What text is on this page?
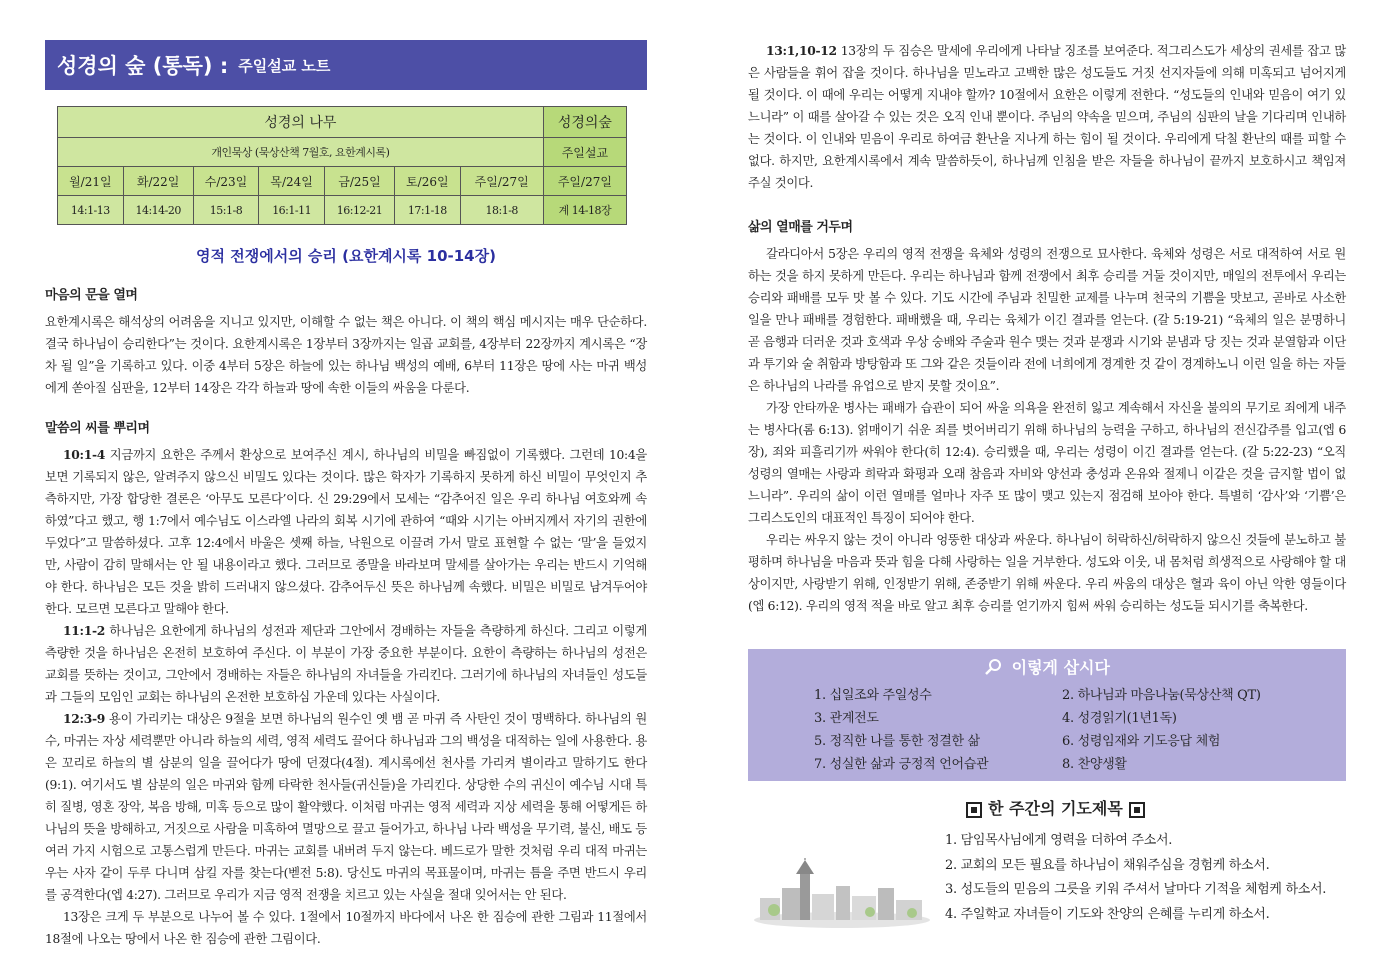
성경의 숲 (통독) : 주일설교 노트
성경의 나무							성경의숲
개인묵상 (묵상산책 7월호, 요한계시록)							주일설교
월/21일	화/22일	수/23일	목/24일	금/25일	토/26일	주일/27일	주일/27일
14:1-13	14:14-20	15:1-8	16:1-11	16:12-21	17:1-18	18:1-8	계 14-18장
영적 전쟁에서의 승리 (요한계시록 10-14장)
마음의 문을 열며

요한계시록은 해석상의 어려움을 지니고 있지만, 이해할 수 없는 책은 아니다. 이 책의 핵심 메시지는 매우 단순하다. 결국 하나님이 승리한다”는 것이다. 요한계시록은 1장부터 3장까지는 일곱 교회를, 4장부터 22장까지 계시록은 “장차 될 일”을 기록하고 있다. 이중 4부터 5장은 하늘에 있는 하나님 백성의 예배, 6부터 11장은 땅에 사는 마귀 백성에게 쏟아질 심판을, 12부터 14장은 각각 하늘과 땅에 속한 이들의 싸움을 다룬다.

말씀의 씨를 뿌리며

10:1-4 지금까지 요한은 주께서 환상으로 보여주신 계시, 하나님의 비밀을 빠짐없이 기록했다. 그런데 10:4을 보면 기록되지 않은, 알려주지 않으신 비밀도 있다는 것이다. 많은 학자가 기록하지 못하게 하신 비밀이 무엇인지 추측하지만, 가장 합당한 결론은 ‘아무도 모른다’이다. 신 29:29에서 모세는 “감추어진 일은 우리 하나님 여호와께 속하였”다고 했고, 행 1:7에서 예수님도 이스라엘 나라의 회복 시기에 관하여 “때와 시기는 아버지께서 자기의 권한에 두었다”고 말씀하셨다. 고후 12:4에서 바울은 셋째 하늘, 낙원으로 이끌려 가서 말로 표현할 수 없는 ‘말’을 들었지만, 사람이 감히 말해서는 안 될 내용이라고 했다. 그러므로 종말을 바라보며 말세를 살아가는 우리는 반드시 기억해야 한다. 하나님은 모든 것을 밝히 드러내지 않으셨다. 감추어두신 뜻은 하나님께 속했다. 비밀은 비밀로 남겨두어야 한다. 모르면 모른다고 말해야 한다.

11:1-2 하나님은 요한에게 하나님의 성전과 제단과 그안에서 경배하는 자들을 측량하게 하신다. 그리고 이렇게 측량한 것을 하나님은 온전히 보호하여 주신다. 이 부분이 가장 중요한 부분이다. 요한이 측량하는 하나님의 성전은 교회를 뜻하는 것이고, 그안에서 경배하는 자들은 하나님의 자녀들을 가리킨다. 그러기에 하나님의 자녀들인 성도들과 그들의 모임인 교회는 하나님의 온전한 보호하심 가운데 있다는 사실이다.

12:3-9 용이 가리키는 대상은 9절을 보면 하나님의 원수인 옛 뱀 곧 마귀 즉 사탄인 것이 명백하다. 하나님의 원수, 마귀는 자상 세력뿐만 아니라 하늘의 세력, 영적 세력도 끌어다 하나님과 그의 백성을 대적하는 일에 사용한다. 용은 꼬리로 하늘의 별 삼분의 일을 끌어다가 땅에 던졌다(4절). 계시록에선 천사를 가리켜 별이라고 말하기도 한다(9:1). 여기서도 별 삼분의 일은 마귀와 함께 타락한 천사들(귀신들)을 가리킨다. 상당한 수의 귀신이 예수님 시대 특히 질병, 영혼 장악, 복음 방해, 미혹 등으로 많이 활약했다. 이처럼 마귀는 영적 세력과 지상 세력을 통해 어떻게든 하나님의 뜻을 방해하고, 거짓으로 사람을 미혹하여 멸망으로 끌고 들어가고, 하나님 나라 백성을 무기력, 불신, 배도 등 여러 가지 시험으로 고통스럽게 만든다. 마귀는 교회를 내버려 두지 않는다. 베드로가 말한 것처럼 우리 대적 마귀는 우는 사자 같이 두루 다니며 삼킬 자를 찾는다(벧전 5:8). 당신도 마귀의 목표물이며, 마귀는 틈을 주면 반드시 우리를 공격한다(엡 4:27). 그러므로 우리가 지금 영적 전쟁을 치르고 있는 사실을 절대 잊어서는 안 된다.

13장은 크게 두 부분으로 나누어 볼 수 있다. 1절에서 10절까지 바다에서 나온 한 짐승에 관한 그림과 11절에서 18절에 나오는 땅에서 나온 한 짐승에 관한 그림이다.

13:1,10-12 13장의 두 짐승은 말세에 우리에게 나타날 징조를 보여준다. 적그리스도가 세상의 권세를 잡고 많은 사람들을 휘어 잡을 것이다. 하나님을 믿노라고 고백한 많은 성도들도 거짓 선지자들에 의해 미혹되고 넘어지게 될 것이다. 이 때에 우리는 어떻게 지내야 할까? 10절에서 요한은 이렇게 전한다. “성도들의 인내와 믿음이 여기 있느니라” 이 때를 살아갈 수 있는 것은 오직 인내 뿐이다. 주님의 약속을 믿으며, 주님의 심판의 날을 기다리며 인내하는 것이다. 이 인내와 믿음이 우리로 하여금 환난을 지나게 하는 힘이 될 것이다. 우리에게 닥칠 환난의 때를 피할 수 없다. 하지만, 요한계시록에서 계속 말씀하듯이, 하나님께 인침을 받은 자들을 하나님이 끝까지 보호하시고 책임져 주실 것이다.

삶의 열매를 거두며

갈라디아서 5장은 우리의 영적 전쟁을 육체와 성령의 전쟁으로 묘사한다. 육체와 성령은 서로 대적하여 서로 원하는 것을 하지 못하게 만든다. 우리는 하나님과 함께 전쟁에서 최후 승리를 거둘 것이지만, 매일의 전투에서 우리는 승리와 패배를 모두 맛 볼 수 있다. 기도 시간에 주님과 친밀한 교제를 나누며 천국의 기쁨을 맛보고, 곧바로 사소한 일을 만나 패배를 경험한다. 패배했을 때, 우리는 육체가 이긴 결과를 얻는다. (갈 5:19-21) “육체의 일은 분명하니 곧 음행과 더러운 것과 호색과 우상 숭배와 주술과 원수 맺는 것과 분쟁과 시기와 분냄과 당 짓는 것과 분열함과 이단과 투기와 술 취함과 방탕함과 또 그와 같은 것들이라 전에 너희에게 경계한 것 같이 경계하노니 이런 일을 하는 자들은 하나님의 나라를 유업으로 받지 못할 것이요”.

가장 안타까운 병사는 패배가 습관이 되어 싸울 의욕을 완전히 잃고 계속해서 자신을 불의의 무기로 죄에게 내주는 병사다(롬 6:13). 얽매이기 쉬운 죄를 벗어버리기 위해 하나님의 능력을 구하고, 하나님의 전신갑주를 입고(엡 6장), 죄와 피흘리기까 싸워야 한다(히 12:4). 승리했을 때, 우리는 성령이 이긴 결과를 얻는다. (갈 5:22-23) “오직 성령의 열매는 사랑과 희락과 화평과 오래 참음과 자비와 양선과 충성과 온유와 절제니 이같은 것을 금지할 법이 없느니라”. 우리의 삶이 이런 열매를 얼마나 자주 또 많이 맺고 있는지 점검해 보아야 한다. 특별히 ‘감사’와 ‘기쁨’은 그리스도인의 대표적인 특징이 되어야 한다.

우리는 싸우지 않는 것이 아니라 엉뚱한 대상과 싸운다. 하나님이 허락하신/허락하지 않으신 것들에 분노하고 불평하며 하나님을 마음과 뜻과 힘을 다해 사랑하는 일을 거부한다. 성도와 이웃, 내 몸처럼 희생적으로 사랑해야 할 대상이지만, 사랑받기 위해, 인정받기 위해, 존중받기 위해 싸운다. 우리 싸움의 대상은 혈과 육이 아닌 악한 영들이다(엡 6:12). 우리의 영적 적을 바로 알고 최후 승리를 얻기까지 힘써 싸워 승리하는 성도들 되시기를 축복한다.

이렇게 삽시다
1. 십일조와 주일성수	2. 하나님과 마음나눔(묵상산책 QT)
3. 관계전도	4. 성경읽기(1년1독)
5. 정직한 나를 통한 정결한 삶	6. 성령임재와 기도응답 체험
7. 성실한 삶과 긍정적 언어습관	8. 찬양생활
한 주간의 기도제목
1. 담임목사님에게 영력을 더하여 주소서.
2. 교회의 모든 필요를 하나님이 채워주심을 경험케 하소서.
3. 성도들의 믿음의 그릇을 키워 주셔서 날마다 기적을 체험케 하소서.
4. 주일학교 자녀들이 기도와 찬양의 은혜를 누리게 하소서.
